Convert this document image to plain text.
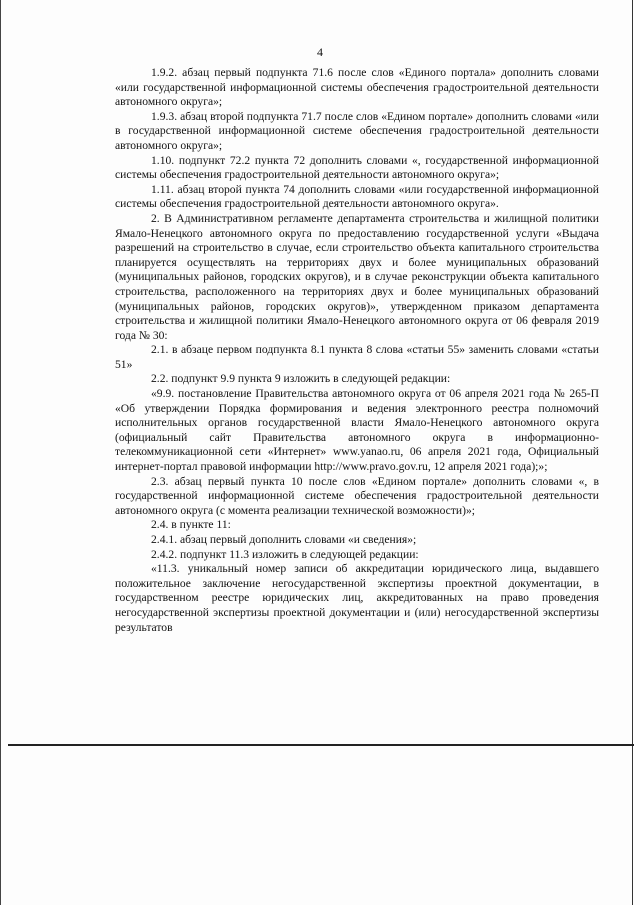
4

1.9.2. абзац первый подпункта 71.6 после слов «Единого портала» дополнить словами «или государственной информационной системы обеспечения градостроительной деятельности автономного округа»;

1.9.3. абзац второй подпункта 71.7 после слов «Едином портале» дополнить словами «или в государственной информационной системе обеспечения градостроительной деятельности автономного округа»;

1.10. подпункт 72.2 пункта 72 дополнить словами «, государственной информационной системы обеспечения градостроительной деятельности автономного округа»;

1.11. абзац второй пункта 74 дополнить словами «или государственной информационной системы обеспечения градостроительной деятельности автономного округа».

2. В Административном регламенте департамента строительства и жилищной политики Ямало-Ненецкого автономного округа по предоставлению государственной услуги «Выдача разрешений на строительство в случае, если строительство объекта капитального строительства планируется осуществлять на территориях двух и более муниципальных образований (муниципальных районов, городских округов), и в случае реконструкции объекта капитального строительства, расположенного на территориях двух и более муниципальных образований (муниципальных районов, городских округов)», утвержденном приказом департамента строительства и жилищной политики Ямало-Ненецкого автономного округа от 06 февраля 2019 года № 30:

2.1. в абзаце первом подпункта 8.1 пункта 8 слова «статьи 55» заменить словами «статьи 51»

2.2. подпункт 9.9 пункта 9 изложить в следующей редакции:

«9.9. постановление Правительства автономного округа от 06 апреля 2021 года № 265-П «Об утверждении Порядка формирования и ведения электронного реестра полномочий исполнительных органов государственной власти Ямало-Ненецкого автономного округа (официальный сайт Правительства автономного округа в информационно-телекоммуникационной сети «Интернет» www.yanao.ru, 06 апреля 2021 года, Официальный интернет-портал правовой информации http://www.pravo.gov.ru, 12 апреля 2021 года);»;

2.3. абзац первый пункта 10 после слов «Едином портале» дополнить словами «, в государственной информационной системе обеспечения градостроительной деятельности автономного округа (с момента реализации технической возможности)»;

2.4. в пункте 11:

2.4.1. абзац первый дополнить словами «и сведения»;

2.4.2. подпункт 11.3 изложить в следующей редакции:

«11.3. уникальный номер записи об аккредитации юридического лица, выдавшего положительное заключение негосударственной экспертизы проектной документации, в государственном реестре юридических лиц, аккредитованных на право проведения негосударственной экспертизы проектной документации и (или) негосударственной экспертизы результатов
